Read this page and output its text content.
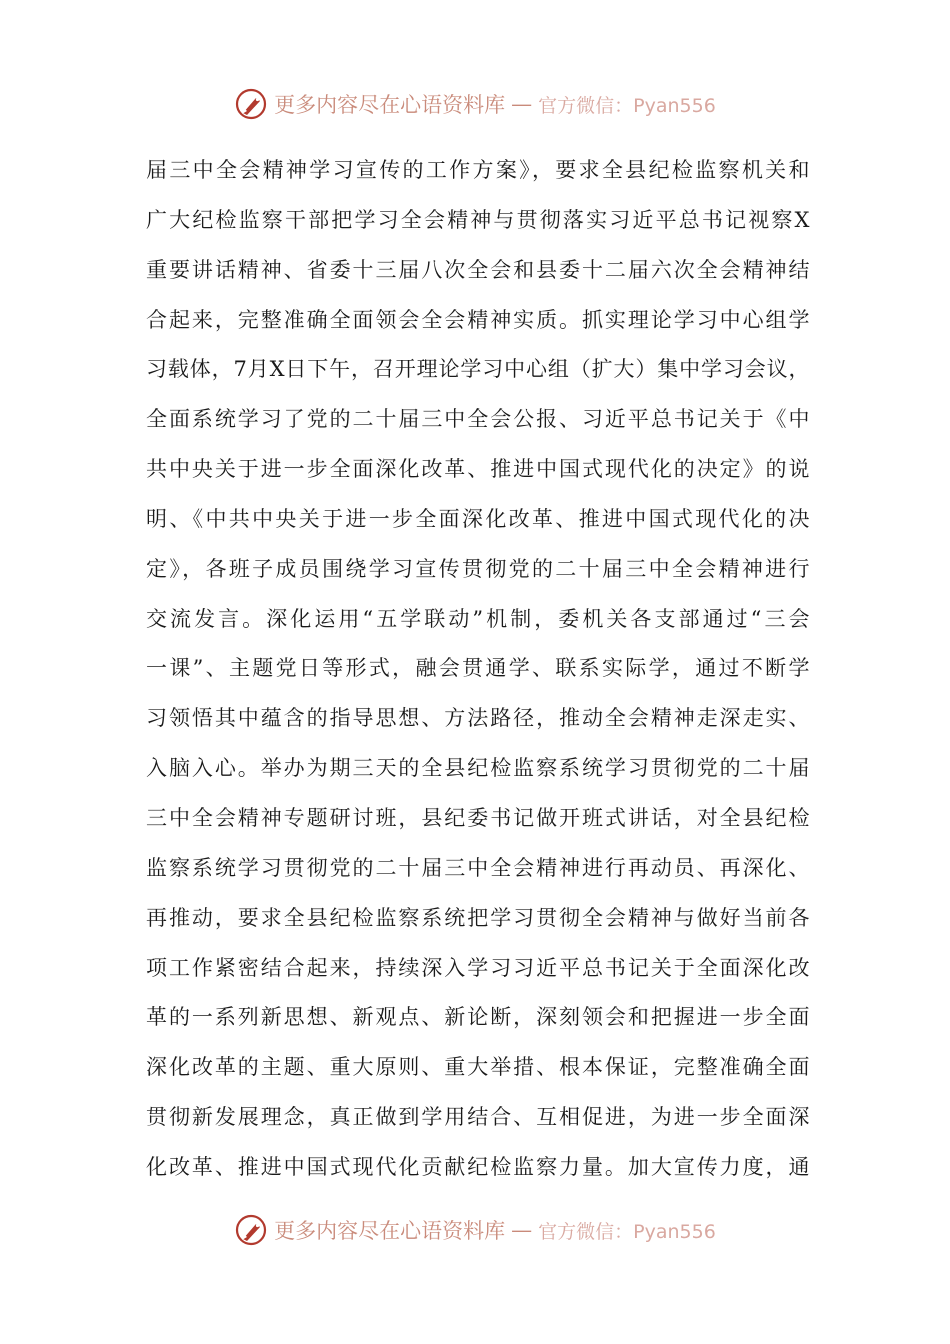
更多内容尽在心语资料库 — 官方微信：Pyan556
届三中全会精神学习宣传的工作方案》，要求全县纪检监察机关和
广大纪检监察干部把学习全会精神与贯彻落实习近平总书记视察X
重要讲话精神、省委十三届八次全会和县委十二届六次全会精神结
合起来，完整准确全面领会全会精神实质。抓实理论学习中心组学
习载体，7月X日下午，召开理论学习中心组（扩大）集中学习会议，
全面系统学习了党的二十届三中全会公报、习近平总书记关于《中
共中央关于进一步全面深化改革、推进中国式现代化的决定》的说
明、《中共中央关于进一步全面深化改革、推进中国式现代化的决
定》，各班子成员围绕学习宣传贯彻党的二十届三中全会精神进行
交流发言。深化运用“五学联动”机制，委机关各支部通过“三会
一课”、主题党日等形式，融会贯通学、联系实际学，通过不断学
习领悟其中蕴含的指导思想、方法路径，推动全会精神走深走实、
入脑入心。举办为期三天的全县纪检监察系统学习贯彻党的二十届
三中全会精神专题研讨班，县纪委书记做开班式讲话，对全县纪检
监察系统学习贯彻党的二十届三中全会精神进行再动员、再深化、
再推动，要求全县纪检监察系统把学习贯彻全会精神与做好当前各
项工作紧密结合起来，持续深入学习习近平总书记关于全面深化改
革的一系列新思想、新观点、新论断，深刻领会和把握进一步全面
深化改革的主题、重大原则、重大举措、根本保证，完整准确全面
贯彻新发展理念，真正做到学用结合、互相促进，为进一步全面深
化改革、推进中国式现代化贡献纪检监察力量。加大宣传力度，通
更多内容尽在心语资料库 — 官方微信：Pyan556
